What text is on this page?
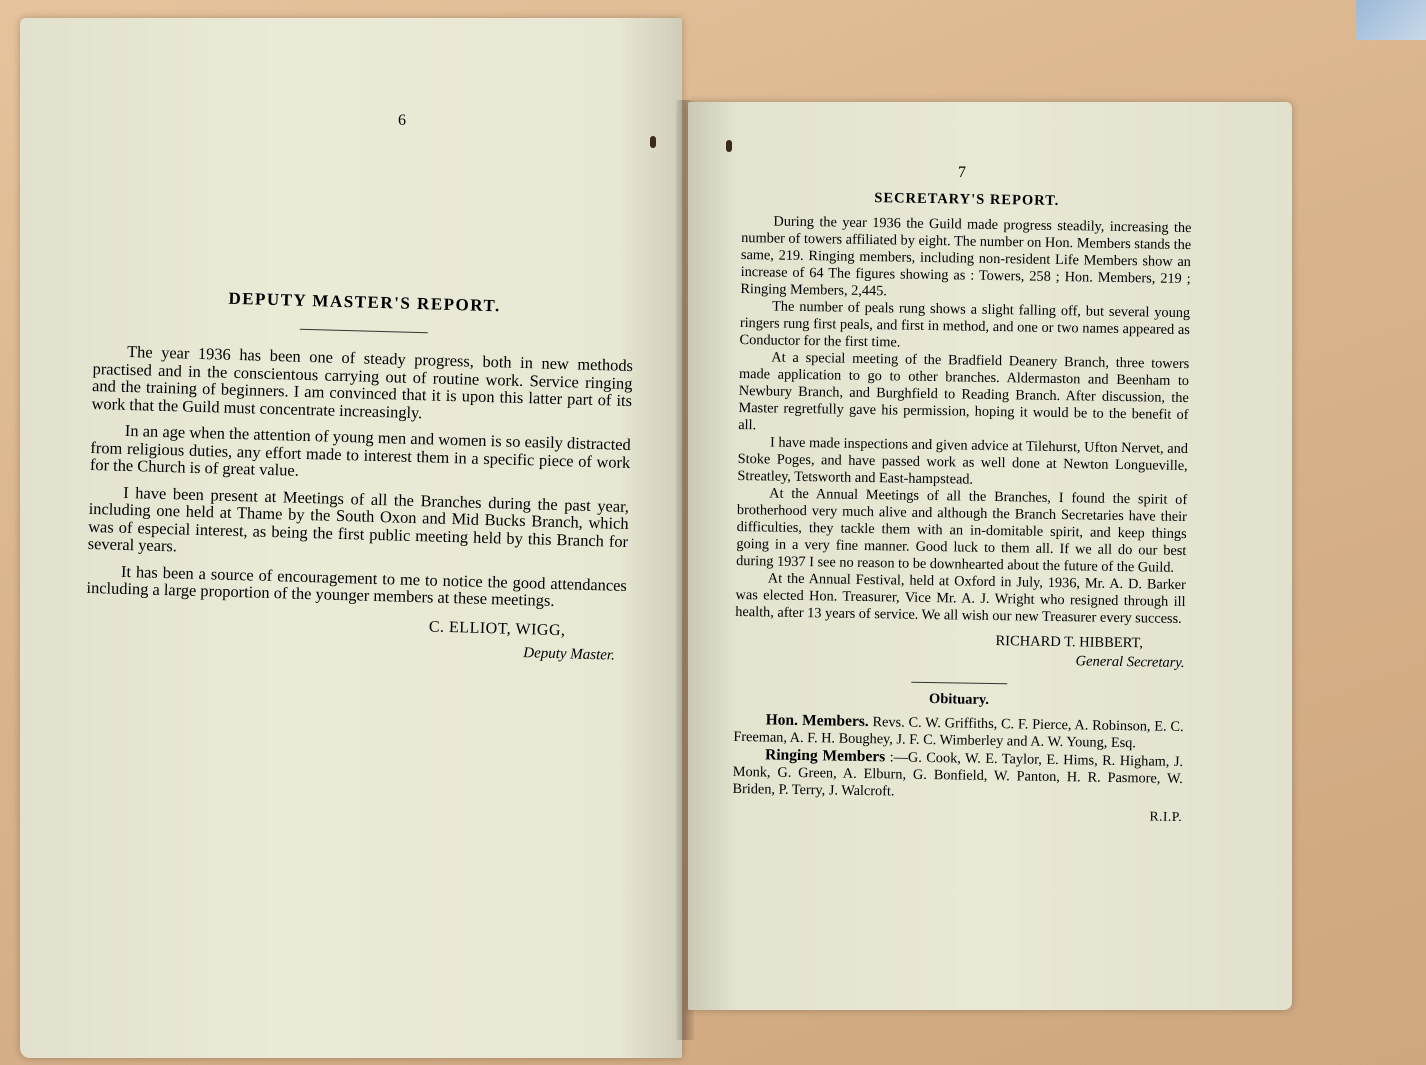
6
DEPUTY MASTER'S REPORT.

The year 1936 has been one of steady progress, both in new methods practised and in the conscientous carrying out of routine work. Service ringing and the training of beginners. I am convinced that it is upon this latter part of its work that the Guild must concentrate increasingly.

In an age when the attention of young men and women is so easily distracted from religious duties, any effort made to interest them in a specific piece of work for the Church is of great value.

I have been present at Meetings of all the Branches during the past year, including one held at Thame by the South Oxon and Mid Bucks Branch, which was of especial interest, as being the first public meeting held by this Branch for several years.

It has been a source of encouragement to me to notice the good attendances including a large proportion of the younger members at these meetings.

C. ELLIOT, WIGG,
Deputy Master.
7
SECRETARY'S REPORT.

During the year 1936 the Guild made progress steadily, increasing the number of towers affiliated by eight. The number on Hon. Members stands the same, 219. Ringing members, including non-resident Life Members show an increase of 64 The figures showing as : Towers, 258 ; Hon. Members, 219 ; Ringing Members, 2,445.

The number of peals rung shows a slight falling off, but several young ringers rung first peals, and first in method, and one or two names appeared as Conductor for the first time.

At a special meeting of the Bradfield Deanery Branch, three towers made application to go to other branches. Aldermaston and Beenham to Newbury Branch, and Burghfield to Reading Branch. After discussion, the Master regretfully gave his permission, hoping it would be to the benefit of all.

I have made inspections and given advice at Tilehurst, Ufton Nervet, and Stoke Poges, and have passed work as well done at Newton Longueville, Streatley, Tetsworth and East-hampstead.

At the Annual Meetings of all the Branches, I found the spirit of brotherhood very much alive and although the Branch Secretaries have their difficulties, they tackle them with an in-domitable spirit, and keep things going in a very fine manner. Good luck to them all. If we all do our best during 1937 I see no reason to be downhearted about the future of the Guild.

At the Annual Festival, held at Oxford in July, 1936, Mr. A. D. Barker was elected Hon. Treasurer, Vice Mr. A. J. Wright who resigned through ill health, after 13 years of service. We all wish our new Treasurer every success.

RICHARD T. HIBBERT,
General Secretary.
Obituary.

Hon. Members. Revs. C. W. Griffiths, C. F. Pierce, A. Robinson, E. C. Freeman, A. F. H. Boughey, J. F. C. Wimberley and A. W. Young, Esq.

Ringing Members :—G. Cook, W. E. Taylor, E. Hims, R. Higham, J. Monk, G. Green, A. Elburn, G. Bonfield, W. Panton, H. R. Pasmore, W. Briden, P. Terry, J. Walcroft.

R.I.P.
